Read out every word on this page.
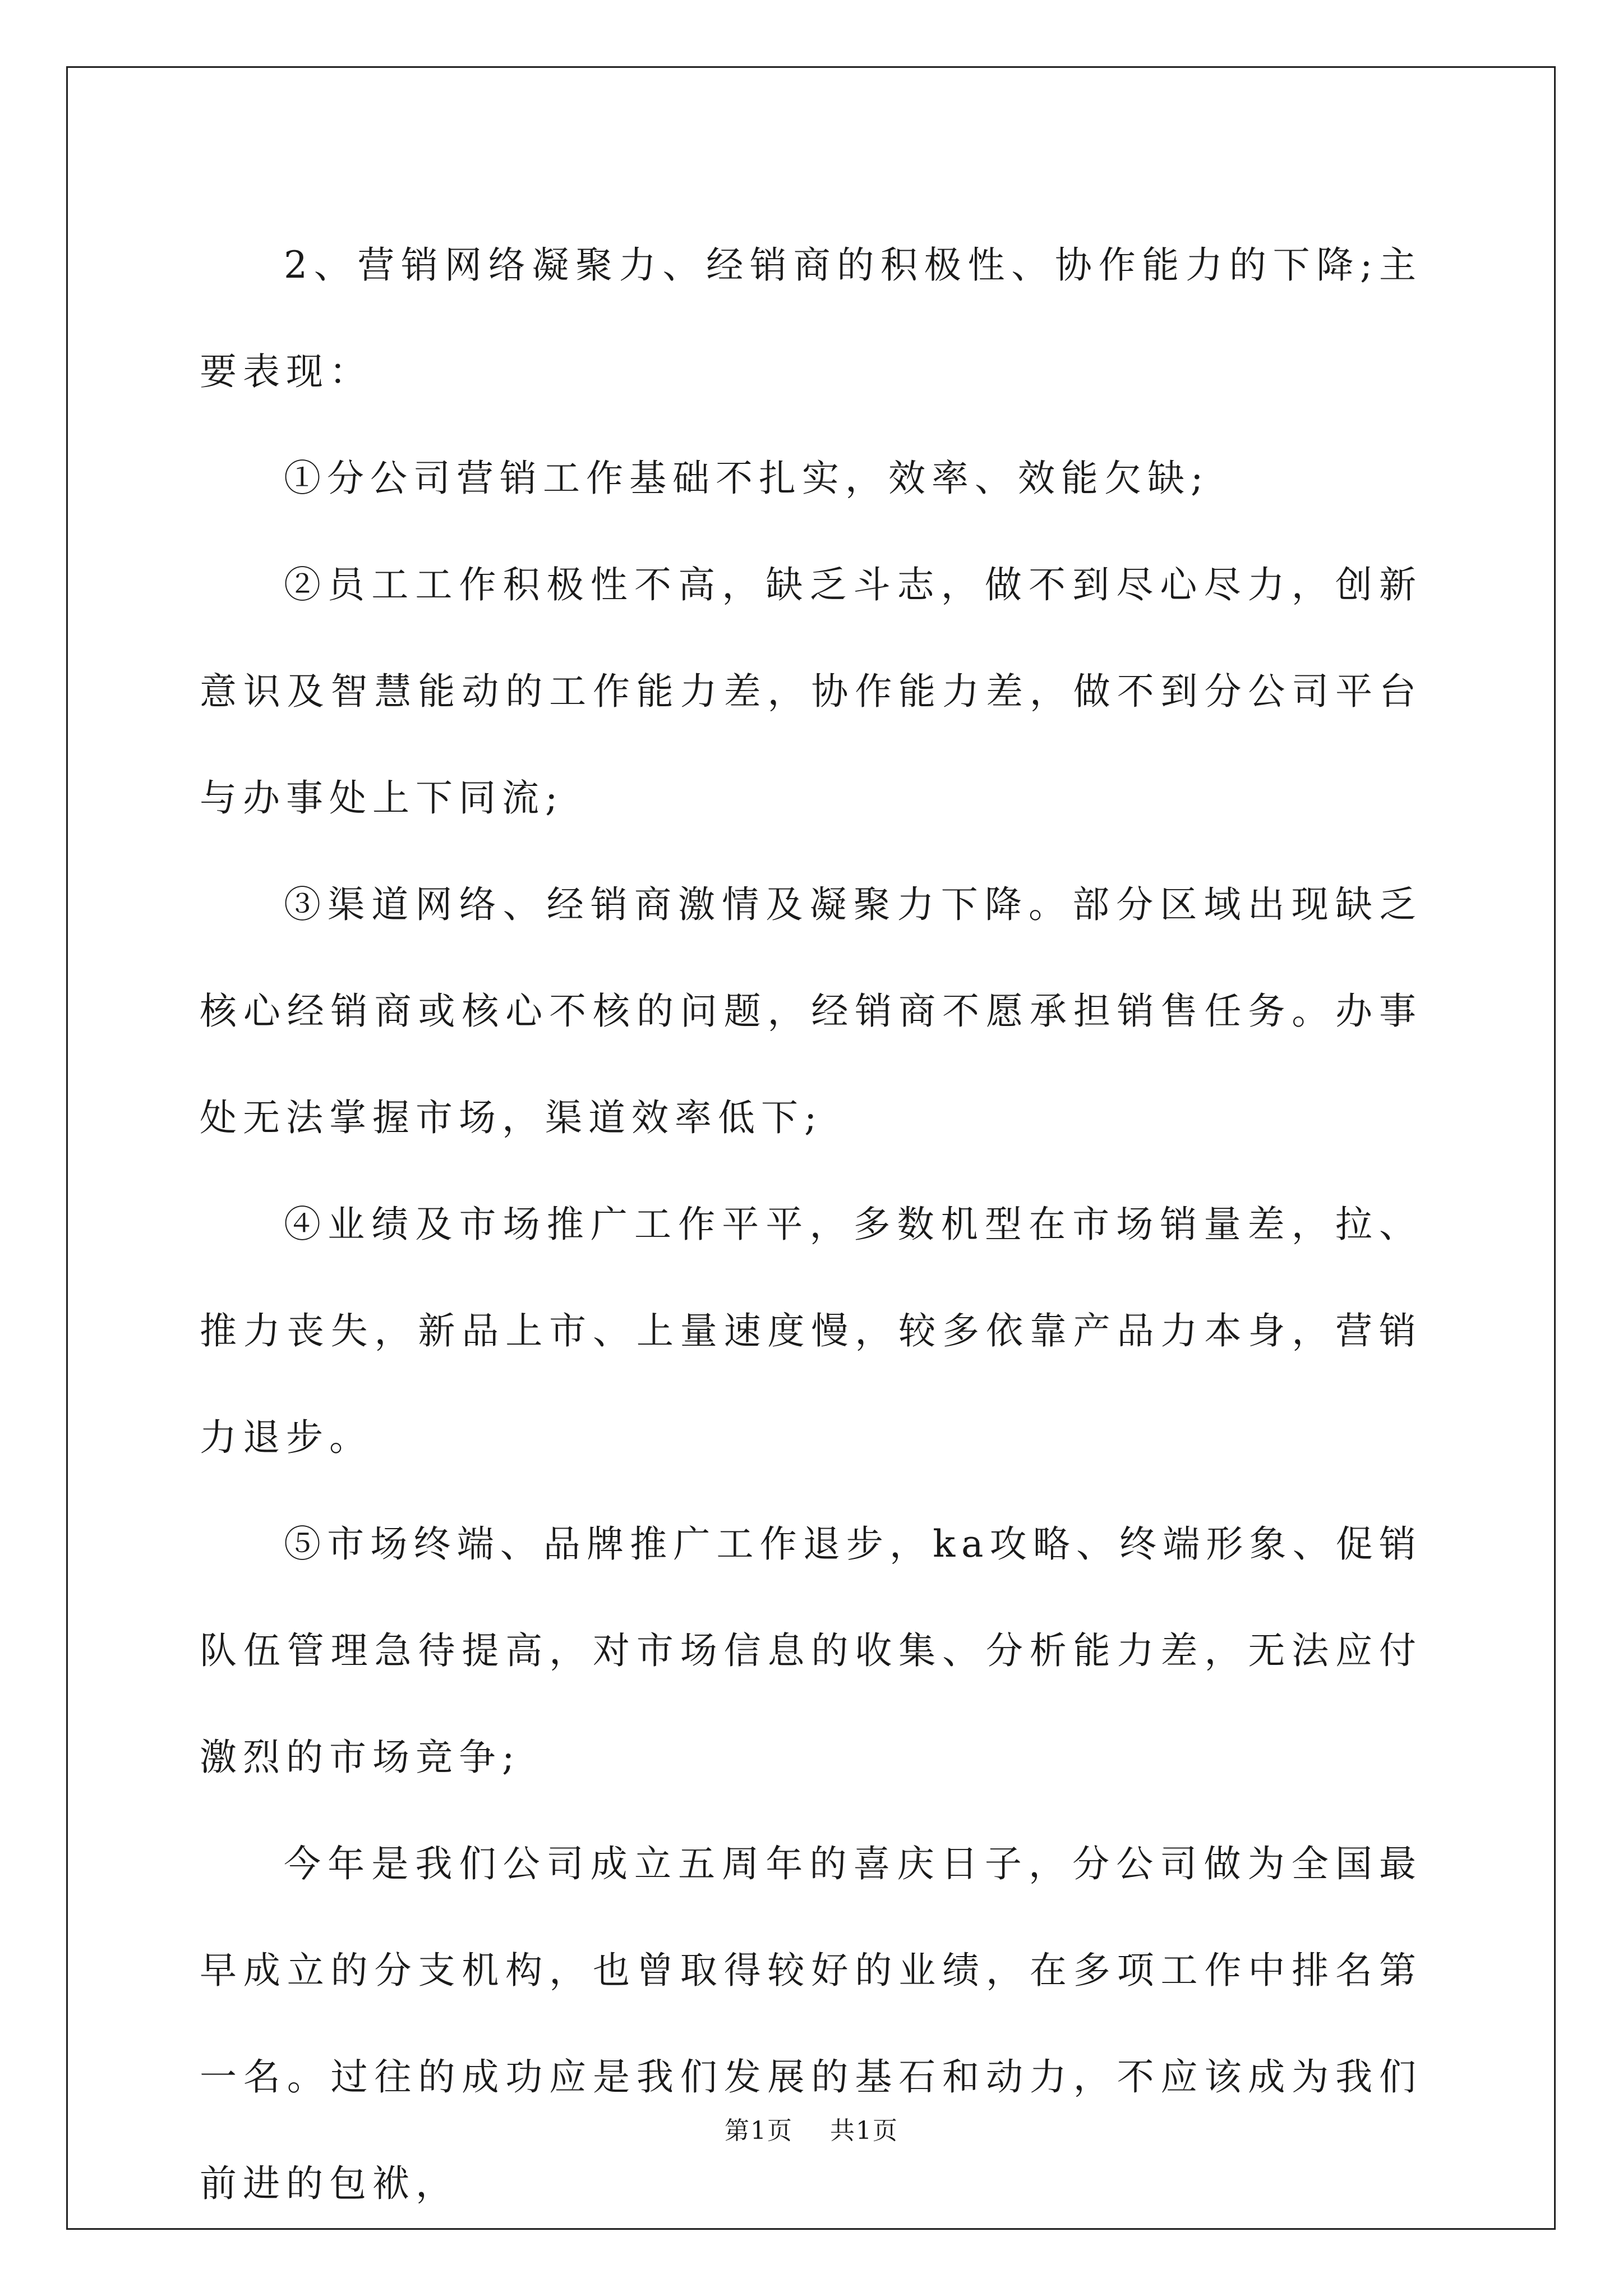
2、营销网络凝聚力、经销商的积极性、协作能力的下降;主要表现：

①分公司营销工作基础不扎实，效率、效能欠缺;

②员工工作积极性不高，缺乏斗志，做不到尽心尽力，创新意识及智慧能动的工作能力差，协作能力差，做不到分公司平台与办事处上下同流;

③渠道网络、经销商激情及凝聚力下降。部分区域出现缺乏核心经销商或核心不核的问题，经销商不愿承担销售任务。办事处无法掌握市场，渠道效率低下;

④业绩及市场推广工作平平，多数机型在市场销量差，拉、推力丧失，新品上市、上量速度慢，较多依靠产品力本身，营销力退步。

⑤市场终端、品牌推广工作退步，ka攻略、终端形象、促销队伍管理急待提高，对市场信息的收集、分析能力差，无法应付激烈的市场竞争;

今年是我们公司成立五周年的喜庆日子，分公司做为全国最早成立的分支机构，也曾取得较好的业绩，在多项工作中排名第一名。过往的成功应是我们发展的基石和动力，不应该成为我们前进的包袱，

第1页 共1页
